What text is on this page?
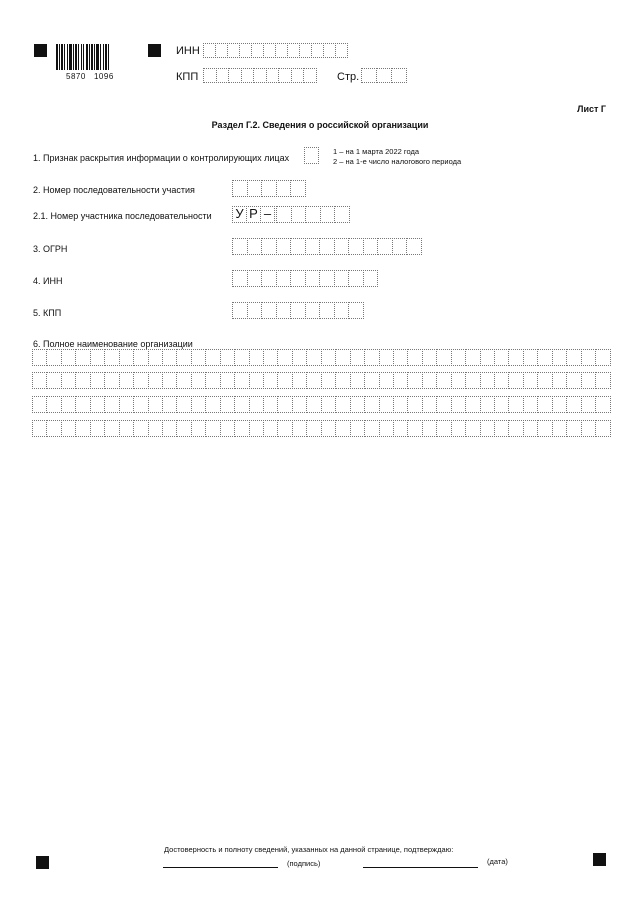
5870   1096
ИНН
КПП	Стр.
Лист Г
Раздел Г.2. Сведения о российской организации
1. Признак раскрытия информации о контролирующих лицах
1 – на 1 марта 2022 года
2 – на 1-е число налогового периода
2. Номер последовательности участия
2.1. Номер участника последовательности У Р –
3. ОГРН
4. ИНН
5. КПП
6. Полное наименование организации
Достоверность и полноту сведений, указанных на данной странице, подтверждаю:
(подпись)	(дата)
